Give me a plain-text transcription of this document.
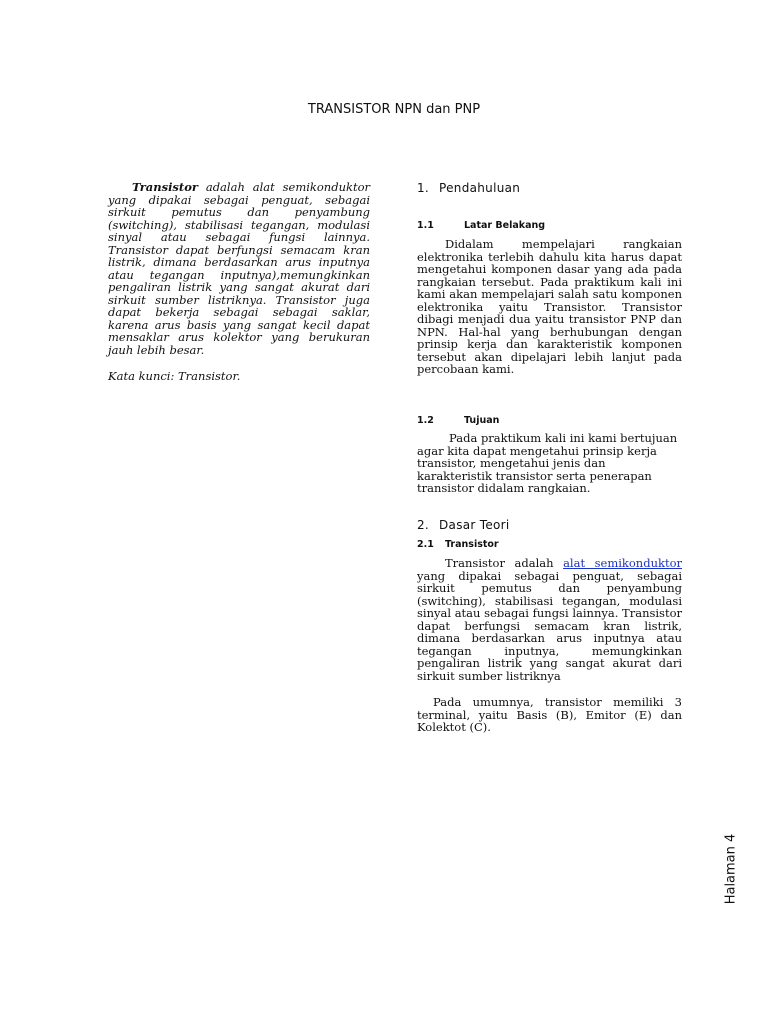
TRANSISTOR NPN dan PNP

Transistor adalah alat semikonduktor yang dipakai sebagai penguat, sebagai sirkuit pemutus dan penyambung (switching), stabilisasi tegangan, modulasi sinyal atau sebagai fungsi lainnya. Transistor dapat berfungsi semacam kran listrik, dimana berdasarkan arus inputnya atau tegangan inputnya),memungkinkan pengaliran listrik yang sangat akurat dari sirkuit sumber listriknya. Transistor juga dapat bekerja sebagai sebagai saklar, karena arus basis yang sangat kecil dapat mensaklar arus kolektor yang berukuran jauh lebih besar.

Kata kunci: Transistor.

1. Pendahuluan
1.1	Latar Belakang

Didalam mempelajari rangkaian elektronika terlebih dahulu kita harus dapat mengetahui komponen dasar yang ada pada rangkaian tersebut. Pada praktikum kali ini kami akan mempelajari salah satu komponen elektronika yaitu Transistor. Transistor dibagi menjadi dua yaitu transistor PNP dan NPN. Hal-hal yang berhubungan dengan prinsip kerja dan karakteristik komponen tersebut akan dipelajari lebih lanjut pada percobaan kami.

1.2	Tujuan

Pada praktikum kali ini kami bertujuan agar kita dapat mengetahui prinsip kerja transistor, mengetahui jenis dan karakteristik transistor serta penerapan transistor didalam rangkaian.

2. Dasar Teori
2.1 Transistor

Transistor adalah alat semikonduktor yang dipakai sebagai penguat, sebagai sirkuit pemutus dan penyambung (switching), stabilisasi tegangan, modulasi sinyal atau sebagai fungsi lainnya. Transistor dapat berfungsi semacam kran listrik, dimana berdasarkan arus inputnya atau tegangan inputnya, memungkinkan pengaliran listrik yang sangat akurat dari sirkuit sumber listriknya

Pada umumnya, transistor memiliki 3 terminal, yaitu Basis (B), Emitor (E) dan Kolektot (C).

Halaman 4
